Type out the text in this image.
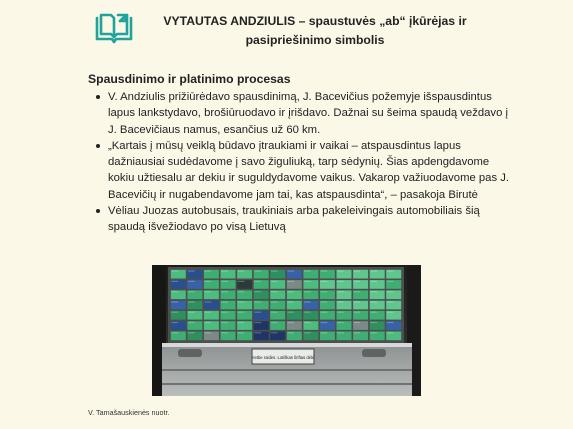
VYTAUTAS ANDZIULIS – spaustuvės „ab“ įkūrėjas ir
pasipriešinimo simbolis
Spausdinimo ir platinimo procesas
V. Andziulis prižiūrėdavo spausdinimą, J. Bacevičius požemyje išspausdintus lapus lankstydavo, brošiūruodavo ir įrišdavo. Dažnai su šeima spaudą veždavo į J. Bacevičiaus namus, esančius už 60 km.
„Kartais į mūsų veiklą būdavo įtraukiami ir vaikai – atspausdintus lapus dažniausiai sudėdavome į savo žiguliuką, tarp sėdynių. Šias apdengdavome kokiu užtiesalu ar dekiu ir suguldydavome vaikus. Vakarop važiuodavome pas J. Bacevičių ir nugabendavome jam tai, kas atspausdinta“, – pasakoja Birutė
Vėliau Juozas autobusais, traukiniais arba pakeleivingais automobiliais šią spaudą išvežiodavo po visą Lietuvą
Ketbe raidės. Lotiškas šriftas dėlė
V. Tamašauskienės nuotr.
